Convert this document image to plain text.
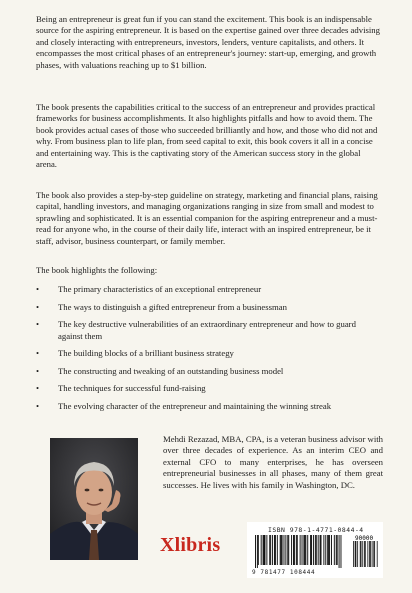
Being an entrepreneur is great fun if you can stand the excitement. This book is an indispensable source for the aspiring entrepreneur. It is based on the expertise gained over three decades advising and closely interacting with entrepreneurs, investors, lenders, venture capitalists, and others. It encompasses the most critical phases of an entrepreneur's journey: start-up, emerging, and growth phases, with valuations reaching up to $1 billion.

The book presents the capabilities critical to the success of an entrepreneur and provides practical frameworks for business accomplishments. It also highlights pitfalls and how to avoid them. The book provides actual cases of those who succeeded brilliantly and how, and those who did not and why. From business plan to life plan, from seed capital to exit, this book covers it all in a concise and entertaining way. This is the captivating story of the American success story in the global arena.

The book also provides a step-by-step guideline on strategy, marketing and financial plans, raising capital, handling investors, and managing organizations ranging in size from small and modest to sprawling and sophisticated. It is an essential companion for the aspiring entrepreneur and a must-read for anyone who, in the course of their daily life, interact with an inspired entrepreneur, be it staff, advisor, business counterpart, or family member.

The book highlights the following:

• The primary characteristics of an exceptional entrepreneur
• The ways to distinguish a gifted entrepreneur from a businessman
• The key destructive vulnerabilities of an extraordinary entrepreneur and how to guard against them
• The building blocks of a brilliant business strategy
• The constructing and tweaking of an outstanding business model
• The techniques for successful fund-raising
• The evolving character of the entrepreneur and maintaining the winning streak

Mehdi Rezazad, MBA, CPA, is a veteran business advisor with over three decades of experience. As an interim CEO and external CFO to many enterprises, he has overseen entrepreneurial businesses in all phases, many of them great successes. He lives with his family in Washington, DC.

Xlibris
ISBN 978-1-4771-0844-4
90000
9 781477 108444
